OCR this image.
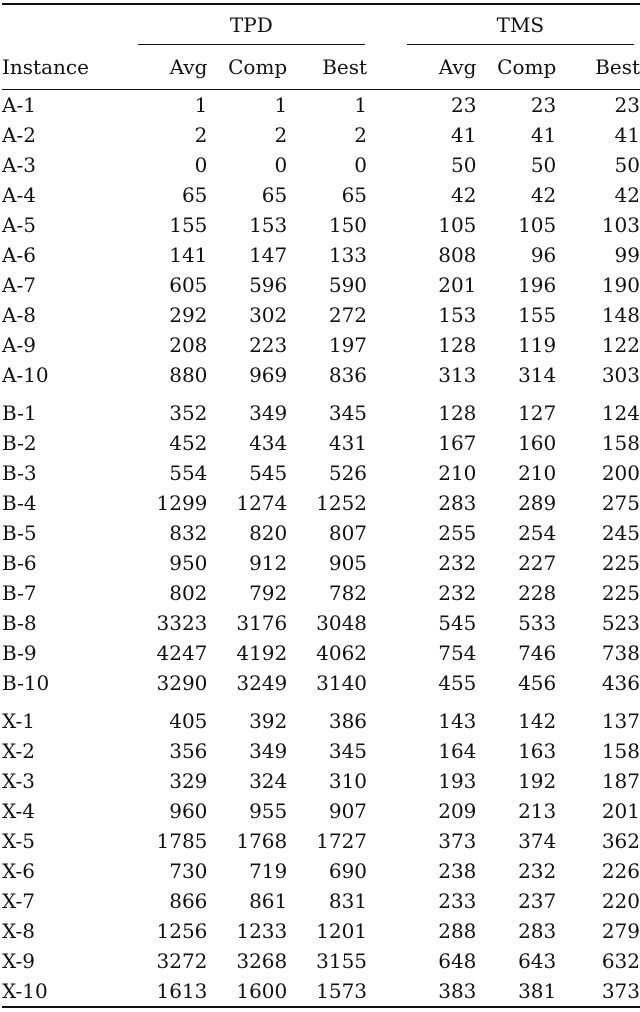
	TPD				TMS		
Instance	Avg	Comp	Best		Avg	Comp	Best
A-1	1	1	1		23	23	23
A-2	2	2	2		41	41	41
A-3	0	0	0		50	50	50
A-4	65	65	65		42	42	42
A-5	155	153	150		105	105	103
A-6	141	147	133		808	96	99
A-7	605	596	590		201	196	190
A-8	292	302	272		153	155	148
A-9	208	223	197		128	119	122
A-10	880	969	836		313	314	303
B-1	352	349	345		128	127	124
B-2	452	434	431		167	160	158
B-3	554	545	526		210	210	200
B-4	1299	1274	1252		283	289	275
B-5	832	820	807		255	254	245
B-6	950	912	905		232	227	225
B-7	802	792	782		232	228	225
B-8	3323	3176	3048		545	533	523
B-9	4247	4192	4062		754	746	738
B-10	3290	3249	3140		455	456	436
X-1	405	392	386		143	142	137
X-2	356	349	345		164	163	158
X-3	329	324	310		193	192	187
X-4	960	955	907		209	213	201
X-5	1785	1768	1727		373	374	362
X-6	730	719	690		238	232	226
X-7	866	861	831		233	237	220
X-8	1256	1233	1201		288	283	279
X-9	3272	3268	3155		648	643	632
X-10	1613	1600	1573		383	381	373
